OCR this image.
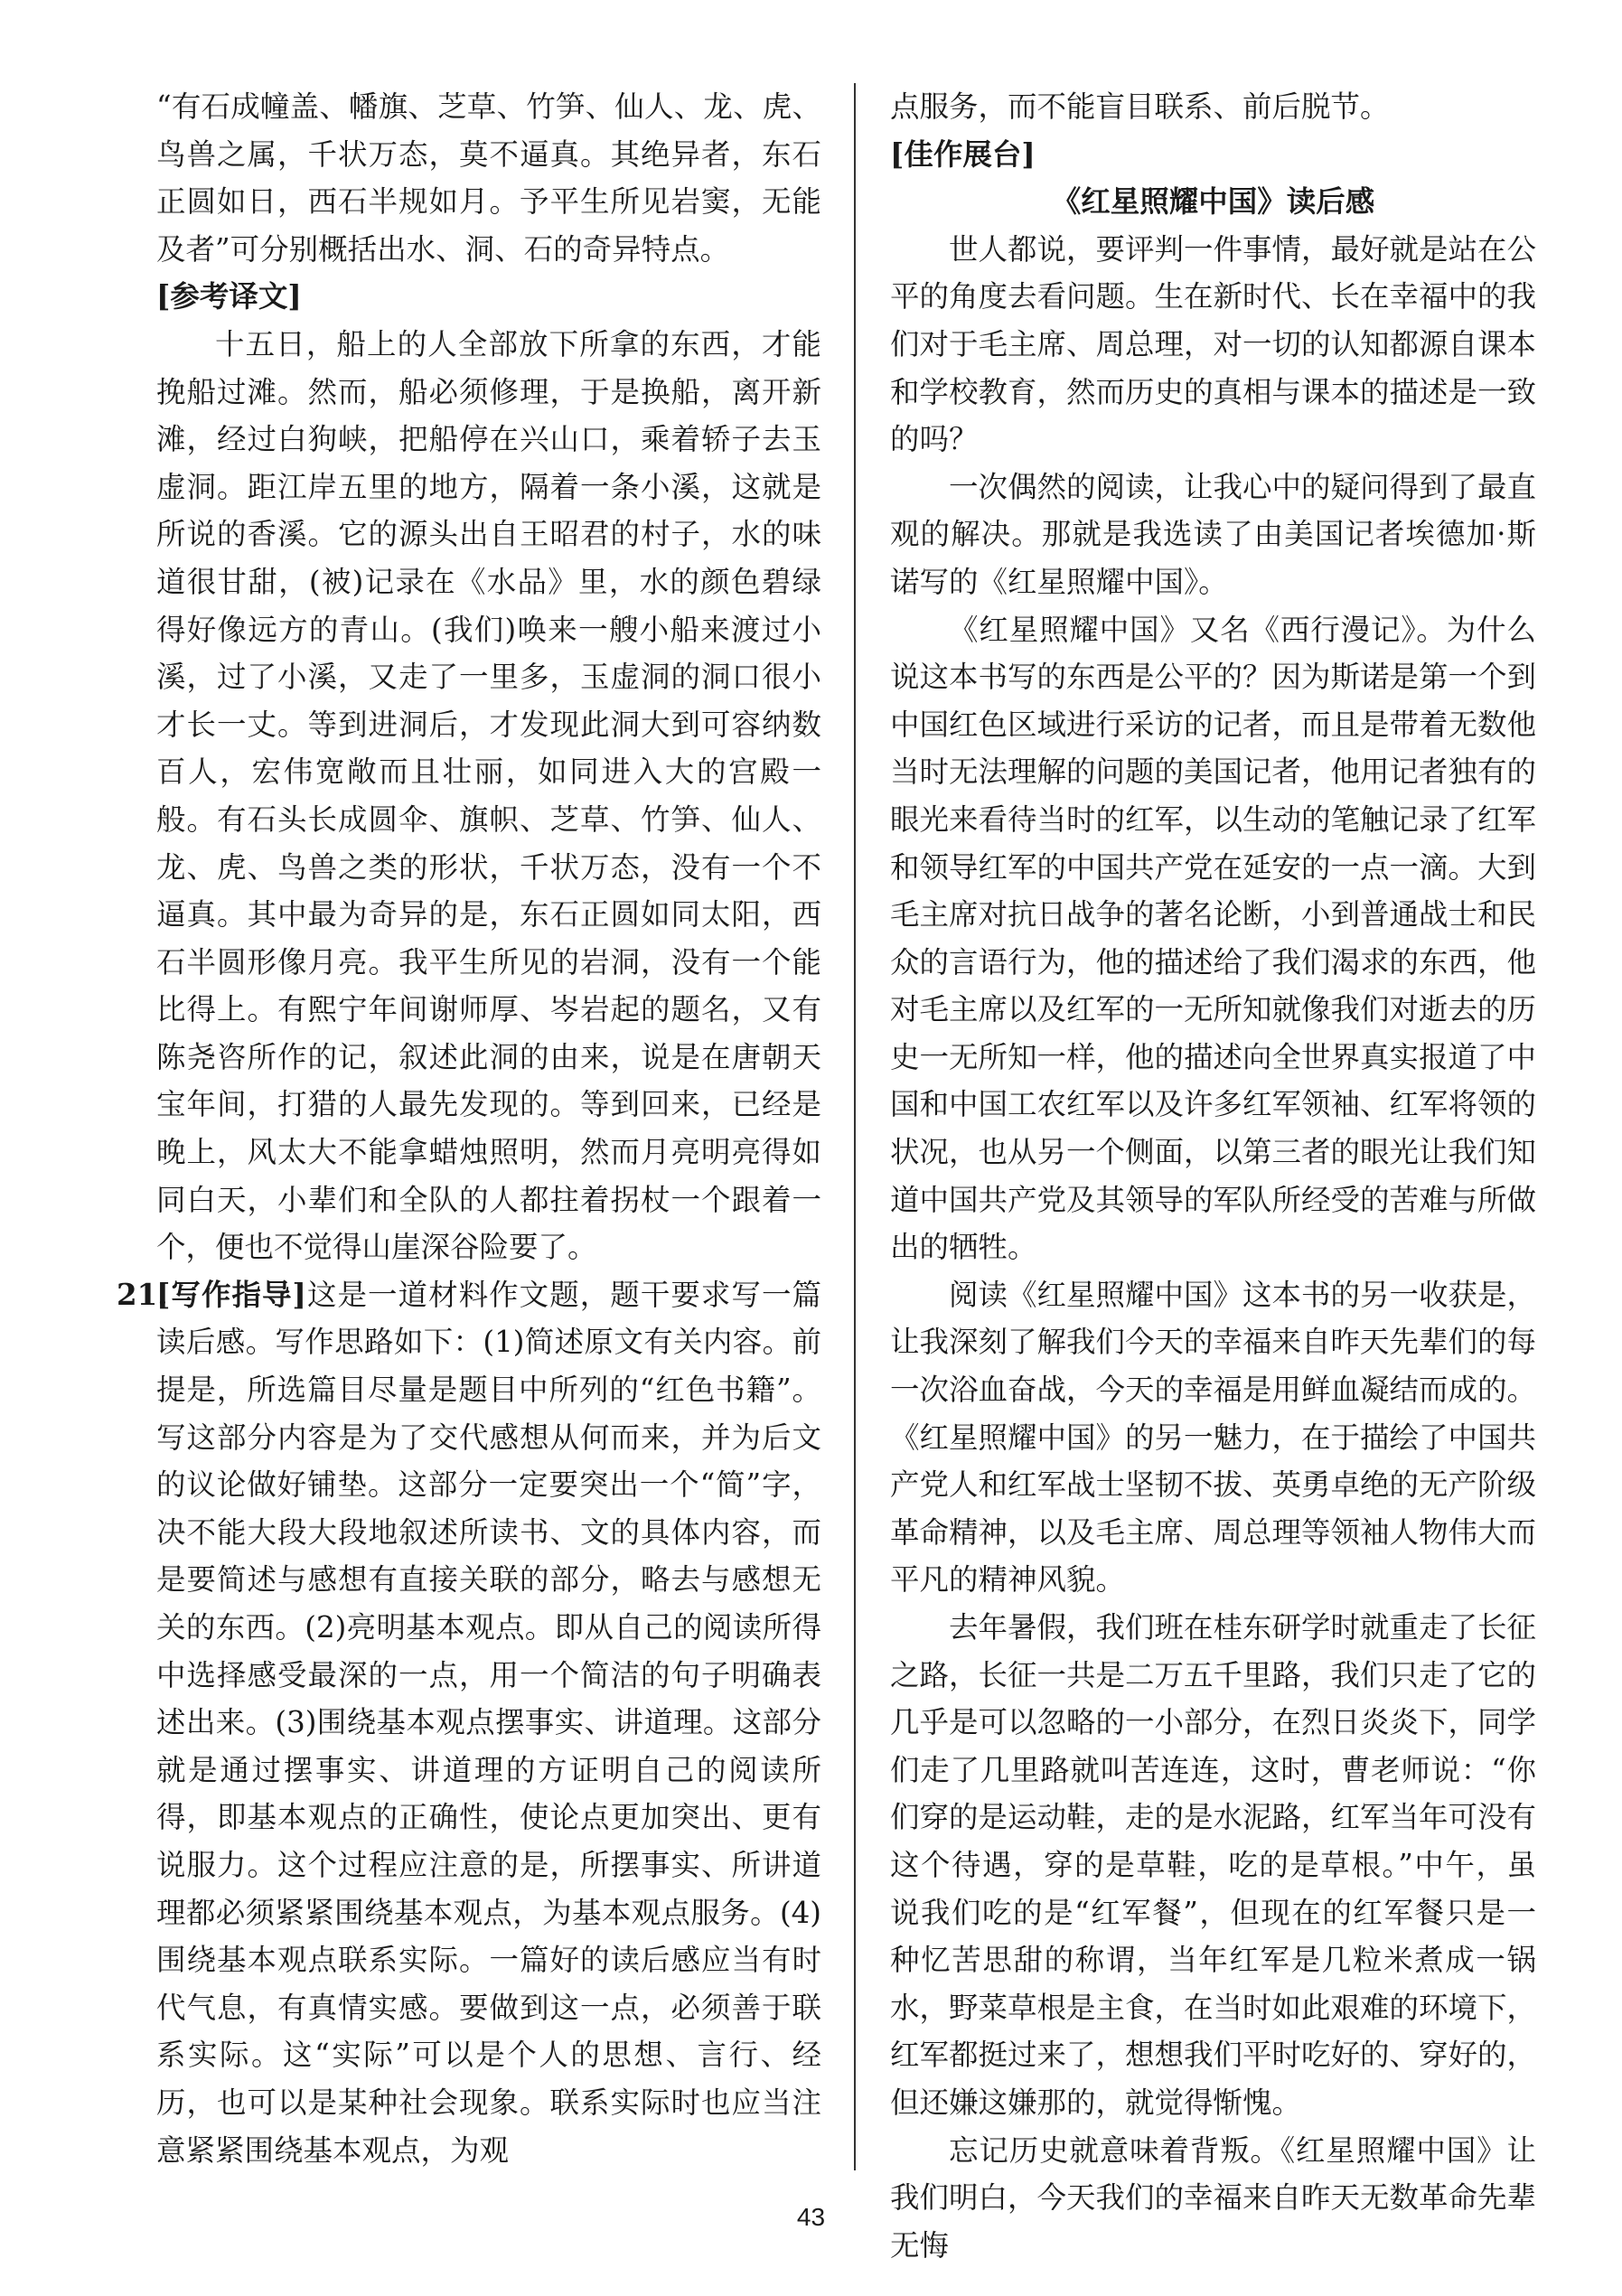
“有石成幢盖、幡旗、芝草、竹笋、仙人、龙、虎、鸟兽之属，千状万态，莫不逼真。其绝异者，东石正圆如日，西石半规如月。予平生所见岩窦，无能及者”可分别概括出水、洞、石的奇异特点。

[参考译文]

十五日，船上的人全部放下所拿的东西，才能挽船过滩。然而，船必须修理，于是换船，离开新滩，经过白狗峡，把船停在兴山口，乘着轿子去玉虚洞。距江岸五里的地方，隔着一条小溪，这就是所说的香溪。它的源头出自王昭君的村子，水的味道很甘甜，(被)记录在《水品》里，水的颜色碧绿得好像远方的青山。(我们)唤来一艘小船来渡过小溪，过了小溪，又走了一里多，玉虚洞的洞口很小才长一丈。等到进洞后，才发现此洞大到可容纳数百人，宏伟宽敞而且壮丽，如同进入大的宫殿一般。有石头长成圆伞、旗帜、芝草、竹笋、仙人、龙、虎、鸟兽之类的形状，千状万态，没有一个不逼真。其中最为奇异的是，东石正圆如同太阳，西石半圆形像月亮。我平生所见的岩洞，没有一个能比得上。有熙宁年间谢师厚、岑岩起的题名，又有陈尧咨所作的记，叙述此洞的由来，说是在唐朝天宝年间，打猎的人最先发现的。等到回来，已经是晚上，风太大不能拿蜡烛照明，然而月亮明亮得如同白天，小辈们和全队的人都拄着拐杖一个跟着一个，便也不觉得山崖深谷险要了。

21.

[写作指导]这是一道材料作文题，题干要求写一篇读后感。写作思路如下：(1)简述原文有关内容。前提是，所选篇目尽量是题目中所列的“红色书籍”。写这部分内容是为了交代感想从何而来，并为后文的议论做好铺垫。这部分一定要突出一个“简”字，决不能大段大段地叙述所读书、文的具体内容，而是要简述与感想有直接关联的部分，略去与感想无关的东西。(2)亮明基本观点。即从自己的阅读所得中选择感受最深的一点，用一个简洁的句子明确表述出来。(3)围绕基本观点摆事实、讲道理。这部分就是通过摆事实、讲道理的方证明自己的阅读所得，即基本观点的正确性，使论点更加突出、更有说服力。这个过程应注意的是，所摆事实、所讲道理都必须紧紧围绕基本观点，为基本观点服务。(4)围绕基本观点联系实际。一篇好的读后感应当有时代气息，有真情实感。要做到这一点，必须善于联系实际。这“实际”可以是个人的思想、言行、经历，也可以是某种社会现象。联系实际时也应当注意紧紧围绕基本观点，为观

点服务，而不能盲目联系、前后脱节。

[佳作展台]

《红星照耀中国》读后感

世人都说，要评判一件事情，最好就是站在公平的角度去看问题。生在新时代、长在幸福中的我们对于毛主席、周总理，对一切的认知都源自课本和学校教育，然而历史的真相与课本的描述是一致的吗？

一次偶然的阅读，让我心中的疑问得到了最直观的解决。那就是我选读了由美国记者埃德加·斯诺写的《红星照耀中国》。

《红星照耀中国》又名《西行漫记》。为什么说这本书写的东西是公平的？因为斯诺是第一个到中国红色区域进行采访的记者，而且是带着无数他当时无法理解的问题的美国记者，他用记者独有的眼光来看待当时的红军，以生动的笔触记录了红军和领导红军的中国共产党在延安的一点一滴。大到毛主席对抗日战争的著名论断，小到普通战士和民众的言语行为，他的描述给了我们渴求的东西，他对毛主席以及红军的一无所知就像我们对逝去的历史一无所知一样，他的描述向全世界真实报道了中国和中国工农红军以及许多红军领袖、红军将领的状况，也从另一个侧面，以第三者的眼光让我们知道中国共产党及其领导的军队所经受的苦难与所做出的牺牲。

阅读《红星照耀中国》这本书的另一收获是，让我深刻了解我们今天的幸福来自昨天先辈们的每一次浴血奋战，今天的幸福是用鲜血凝结而成的。《红星照耀中国》的另一魅力，在于描绘了中国共产党人和红军战士坚韧不拔、英勇卓绝的无产阶级革命精神，以及毛主席、周总理等领袖人物伟大而平凡的精神风貌。

去年暑假，我们班在桂东研学时就重走了长征之路，长征一共是二万五千里路，我们只走了它的几乎是可以忽略的一小部分，在烈日炎炎下，同学们走了几里路就叫苦连连，这时，曹老师说：“你们穿的是运动鞋，走的是水泥路，红军当年可没有这个待遇，穿的是草鞋，吃的是草根。”中午，虽说我们吃的是“红军餐”，但现在的红军餐只是一种忆苦思甜的称谓，当年红军是几粒米煮成一锅水，野菜草根是主食，在当时如此艰难的环境下，红军都挺过来了，想想我们平时吃好的、穿好的，但还嫌这嫌那的，就觉得惭愧。

忘记历史就意味着背叛。《红星照耀中国》让我们明白，今天我们的幸福来自昨天无数革命先辈无悔

43
